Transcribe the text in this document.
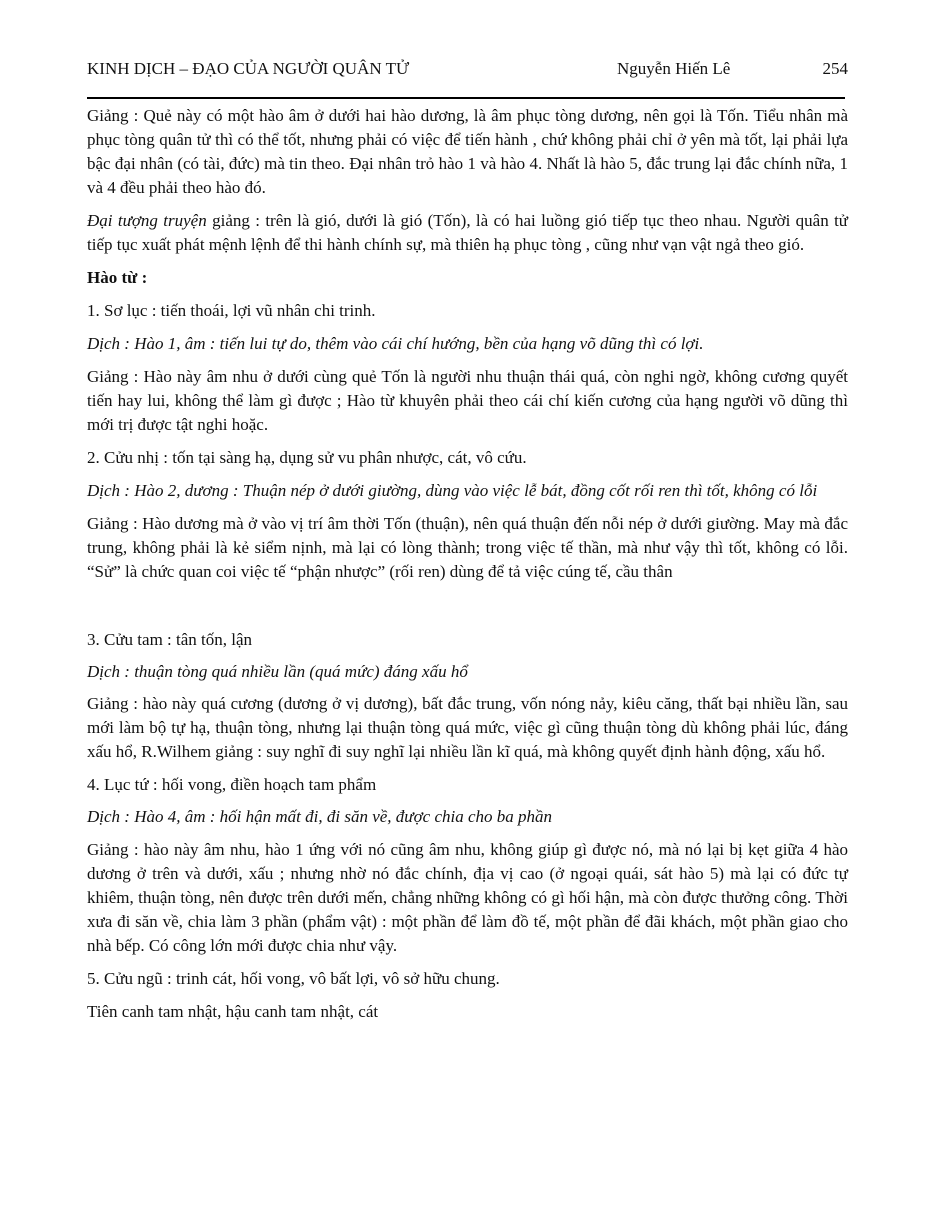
KINH DỊCH – ĐẠO CỦA NGƯỜI QUÂN TỬ	Nguyễn Hiến Lê	254

Giảng : Quẻ này có một hào âm ở dưới hai hào dương, là âm phục tòng dương, nên gọi là Tốn. Tiểu nhân mà phục tòng quân tử thì có thể tốt, nhưng phải có việc để tiến hành , chứ không phải chỉ ở yên mà tốt, lại phải lựa bậc đại nhân (có tài, đức) mà tin theo. Đại nhân trỏ hào 1 và hào 4. Nhất là hào 5, đắc trung lại đắc chính nữa, 1 và 4 đều phải theo hào đó.

Đại tượng truyện giảng : trên là gió, dưới là gió (Tốn), là có hai luồng gió tiếp tục theo nhau. Người quân tử tiếp tục xuất phát mệnh lệnh để thi hành chính sự, mà thiên hạ phục tòng , cũng như vạn vật ngả theo gió.

Hào từ :

1. Sơ lục : tiến thoái, lợi vũ nhân chi trinh.

Dịch : Hào 1, âm : tiến lui tự do, thêm vào cái chí hướng, bền của hạng võ dũng thì có lợi.

Giảng : Hào này âm nhu ở dưới cùng quẻ Tốn là người nhu thuận thái quá, còn nghi ngờ, không cương quyết tiến hay lui, không thể làm gì được ; Hào từ khuyên phải theo cái chí kiến cương của hạng người võ dũng thì mới trị được tật nghi hoặc.

2. Cửu nhị : tốn tại sàng hạ, dụng sử vu phân nhược, cát, vô cứu.

Dịch : Hào 2, dương : Thuận nép ở dưới giường, dùng vào việc lễ bát, đồng cốt rối ren thì tốt, không có lỗi

Giảng : Hào dương mà ở vào vị trí âm thời Tốn (thuận), nên quá thuận đến nỗi nép ở dưới giường. May mà đắc trung, không phải là kẻ siểm nịnh, mà lại có lòng thành; trong việc tế thần, mà như vậy thì tốt, không có lỗi. “Sử” là chức quan coi việc tế “phận nhược” (rối ren) dùng để tả việc cúng tế, cầu thân

3. Cửu tam : tân tốn, lận

Dịch : thuận tòng quá nhiều lần (quá mức) đáng xấu hổ

Giảng : hào này quá cương (dương ở vị dương), bất đắc trung, vốn nóng nảy, kiêu căng, thất bại nhiều lần, sau mới làm bộ tự hạ, thuận tòng, nhưng lại thuận tòng quá mức, việc gì cũng thuận tòng dù không phải lúc, đáng xấu hổ, R.Wilhem giảng : suy nghĩ đi suy nghĩ lại nhiều lần kĩ quá, mà không quyết định hành động, xấu hổ.

4. Lục tứ : hối vong, điền hoạch tam phẩm

Dịch : Hào 4, âm : hối hận mất đi, đi săn về, được chia cho ba phần

Giảng : hào này âm nhu, hào 1 ứng với nó cũng âm nhu, không giúp gì được nó, mà nó lại bị kẹt giữa 4 hào dương ở trên và dưới, xấu ; nhưng nhờ nó đắc chính, địa vị cao (ở ngoại quái, sát hào 5) mà lại có đức tự khiêm, thuận tòng, nên được trên dưới mến, chẳng những không có gì hối hận, mà còn được thưởng công. Thời xưa đi săn về, chia làm 3 phần (phẩm vật) : một phần để làm đồ tế, một phần để đãi khách, một phần giao cho nhà bếp. Có công lớn mới được chia như vậy.

5. Cửu ngũ : trinh cát, hối vong, vô bất lợi, vô sở hữu chung.

Tiên canh tam nhật, hậu canh tam nhật, cát
